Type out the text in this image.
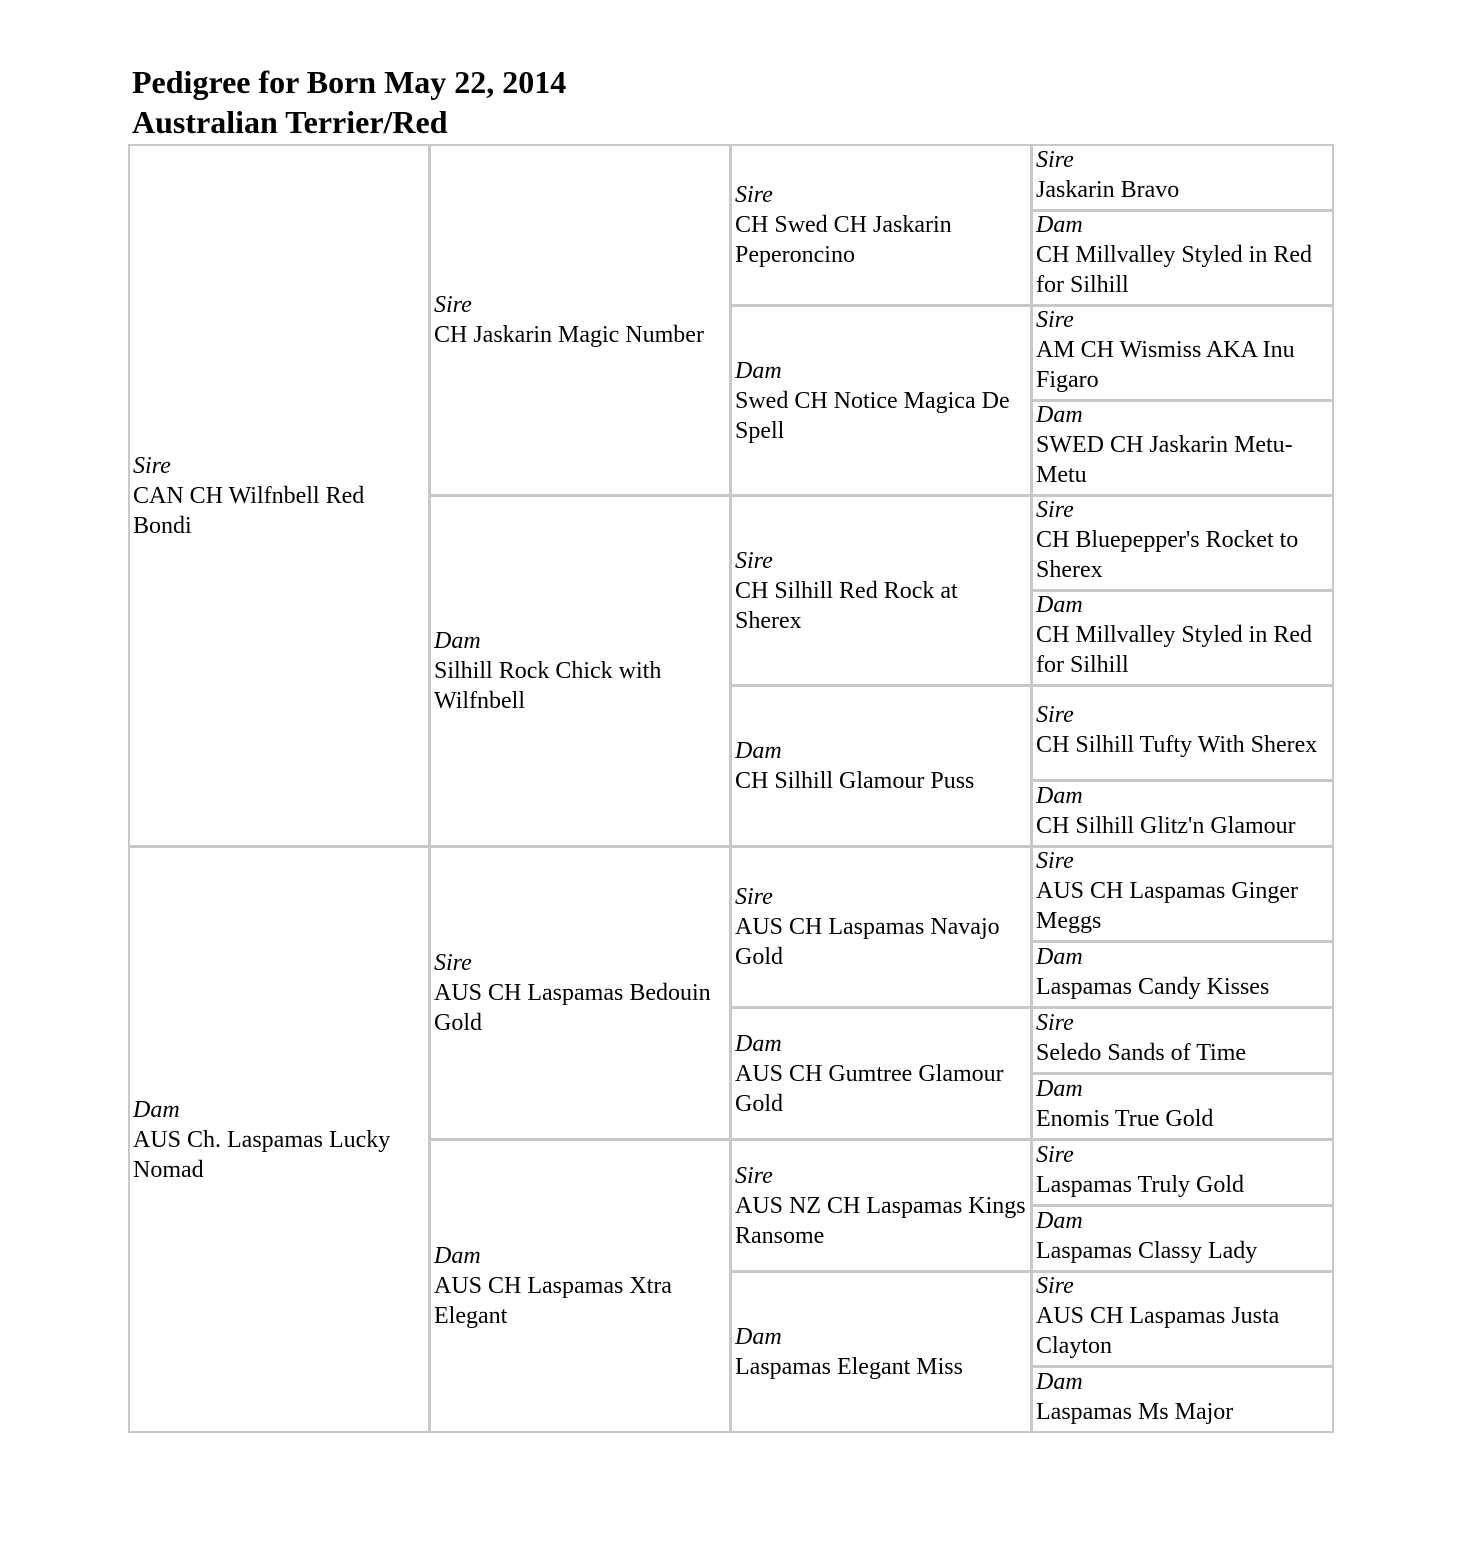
Pedigree for Born May 22, 2014
Australian Terrier/Red
Sire
CAN CH Wilfnbell Red Bondi
Sire
CH Jaskarin Magic Number
Sire
CH Swed CH Jaskarin Peperoncino
Sire
Jaskarin Bravo
Dam
CH Millvalley Styled in Red for Silhill
Dam
Swed CH Notice Magica De Spell
Sire
AM CH Wismiss AKA Inu Figaro
Dam
SWED CH Jaskarin Metu-Metu
Dam
Silhill Rock Chick with Wilfnbell
Sire
CH Silhill Red Rock at Sherex
Sire
CH Bluepepper's Rocket to Sherex
Dam
CH Millvalley Styled in Red for Silhill
Dam
CH Silhill Glamour Puss
Sire
CH Silhill Tufty With Sherex
Dam
CH Silhill Glitz'n Glamour
Dam
AUS Ch. Laspamas Lucky Nomad
Sire
AUS CH Laspamas Bedouin Gold
Sire
AUS CH Laspamas Navajo Gold
Sire
AUS CH Laspamas Ginger Meggs
Dam
Laspamas Candy Kisses
Dam
AUS CH Gumtree Glamour Gold
Sire
Seledo Sands of Time
Dam
Enomis True Gold
Dam
AUS CH Laspamas Xtra Elegant
Sire
AUS NZ CH Laspamas Kings Ransome
Sire
Laspamas Truly Gold
Dam
Laspamas Classy Lady
Dam
Laspamas Elegant Miss
Sire
AUS CH Laspamas Justa Clayton
Dam
Laspamas Ms Major
